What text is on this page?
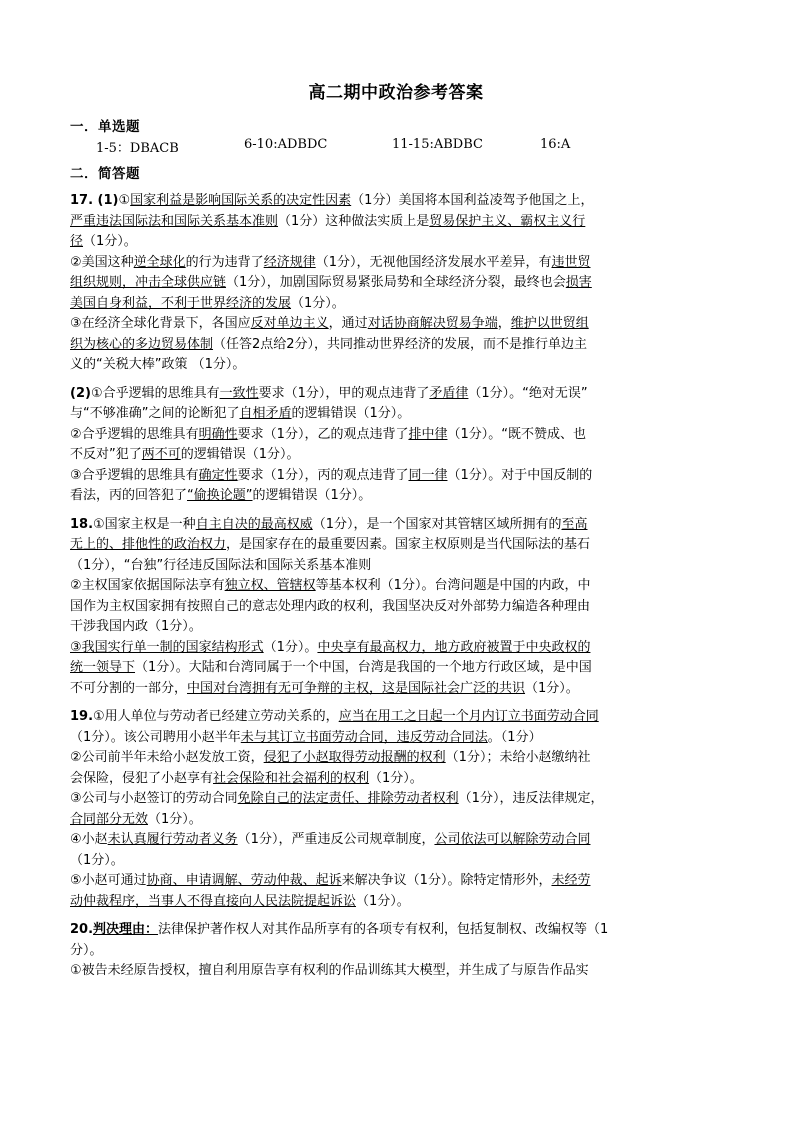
高二期中政治参考答案
一．单选题
1-5：DBACB	6-10:ADBDC	11-15:ABDBC	16:A
二．简答题
17. (1)①国家利益是影响国际关系的决定性因素（1分）美国将本国利益凌驾予他国之上，
严重违法国际法和国际关系基本准则（1分）这种做法实质上是贸易保护主义、霸权主义行
径（1分）。
②美国这种逆全球化的行为违背了经济规律（1分），无视他国经济发展水平差异，有违世贸
组织规则，冲击全球供应链（1分），加剧国际贸易紧张局势和全球经济分裂，最终也会损害
美国自身利益，不利于世界经济的发展（1分）。
③在经济全球化背景下，各国应反对单边主义，通过对话协商解决贸易争端，维护以世贸组
织为核心的多边贸易体制（任答2点给2分），共同推动世界经济的发展，而不是推行单边主
义的“关税大棒”政策 （1分）。
(2)①合乎逻辑的思维具有一致性要求（1分），甲的观点违背了矛盾律（1分）。“绝对无误”
与“不够准确”之间的论断犯了自相矛盾的逻辑错误（1分）。
②合乎逻辑的思维具有明确性要求（1分），乙的观点违背了排中律（1分）。“既不赞成、也
不反对”犯了两不可的逻辑错误（1分）。
③合乎逻辑的思维具有确定性要求（1分），丙的观点违背了同一律（1分）。对于中国反制的
看法，丙的回答犯了“偷换论题”的逻辑错误（1分）。
18.①国家主权是一种自主自决的最高权威（1分），是一个国家对其管辖区域所拥有的至高
无上的、排他性的政治权力，是国家存在的最重要因素。国家主权原则是当代国际法的基石
（1分），“台独”行径违反国际法和国际关系基本准则
②主权国家依据国际法享有独立权、管辖权等基本权利（1分）。台湾问题是中国的内政，中
国作为主权国家拥有按照自己的意志处理内政的权利，我国坚决反对外部势力编造各种理由
干涉我国内政（1分）。
③我国实行单一制的国家结构形式（1分）。中央享有最高权力，地方政府被置于中央政权的
统一领导下（1分）。大陆和台湾同属于一个中国，台湾是我国的一个地方行政区域，是中国
不可分割的一部分，中国对台湾拥有无可争辩的主权，这是国际社会广泛的共识（1分）。
19.①用人单位与劳动者已经建立劳动关系的，应当在用工之日起一个月内订立书面劳动合同
（1分）。该公司聘用小赵半年未与其订立书面劳动合同，违反劳动合同法。（1分）
②公司前半年未给小赵发放工资，侵犯了小赵取得劳动报酬的权利（1分）；未给小赵缴纳社
会保险，侵犯了小赵享有社会保险和社会福利的权利（1分）。
③公司与小赵签订的劳动合同免除自己的法定责任、排除劳动者权利（1分），违反法律规定，
合同部分无效（1分）。
④小赵未认真履行劳动者义务（1分），严重违反公司规章制度，公司依法可以解除劳动合同
（1分）。
⑤小赵可通过协商、申请调解、劳动仲裁、起诉来解决争议（1分）。除特定情形外，未经劳
动仲裁程序，当事人不得直接向人民法院提起诉讼（1分）。
20.判决理由：法律保护著作权人对其作品所享有的各项专有权利，包括复制权、改编权等（1
分）。
①被告未经原告授权，擅自利用原告享有权利的作品训练其大模型，并生成了与原告作品实
